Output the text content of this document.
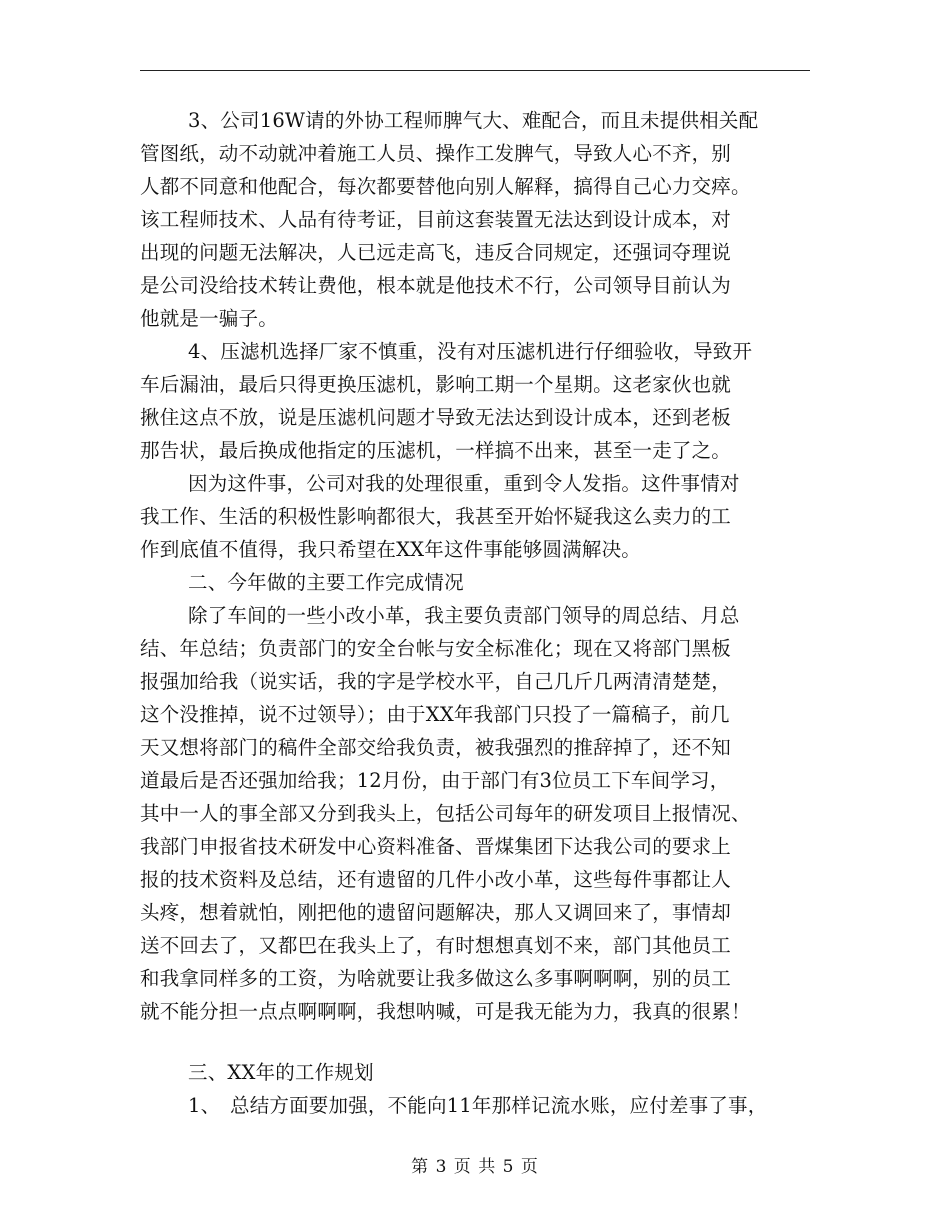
3、公司16W请的外协工程师脾气大、难配合，而且未提供相关配
管图纸，动不动就冲着施工人员、操作工发脾气，导致人心不齐，别
人都不同意和他配合，每次都要替他向别人解释，搞得自己心力交瘁。
该工程师技术、人品有待考证，目前这套装置无法达到设计成本，对
出现的问题无法解决，人已远走高飞，违反合同规定，还强词夺理说
是公司没给技术转让费他，根本就是他技术不行，公司领导目前认为
他就是一骗子。
4、压滤机选择厂家不慎重，没有对压滤机进行仔细验收，导致开
车后漏油，最后只得更换压滤机，影响工期一个星期。这老家伙也就
揪住这点不放，说是压滤机问题才导致无法达到设计成本，还到老板
那告状，最后换成他指定的压滤机，一样搞不出来，甚至一走了之。
因为这件事，公司对我的处理很重，重到令人发指。这件事情对
我工作、生活的积极性影响都很大，我甚至开始怀疑我这么卖力的工
作到底值不值得，我只希望在XX年这件事能够圆满解决。
二、今年做的主要工作完成情况
除了车间的一些小改小革，我主要负责部门领导的周总结、月总
结、年总结；负责部门的安全台帐与安全标准化；现在又将部门黑板
报强加给我（说实话，我的字是学校水平，自己几斤几两清清楚楚，
这个没推掉，说不过领导）；由于XX年我部门只投了一篇稿子，前几
天又想将部门的稿件全部交给我负责，被我强烈的推辞掉了，还不知
道最后是否还强加给我；12月份，由于部门有3位员工下车间学习，
其中一人的事全部又分到我头上，包括公司每年的研发项目上报情况、
我部门申报省技术研发中心资料准备、晋煤集团下达我公司的要求上
报的技术资料及总结，还有遗留的几件小改小革，这些每件事都让人
头疼，想着就怕，刚把他的遗留问题解决，那人又调回来了，事情却
送不回去了，又都巴在我头上了，有时想想真划不来，部门其他员工
和我拿同样多的工资，为啥就要让我多做这么多事啊啊啊，别的员工
就不能分担一点点啊啊啊，我想呐喊，可是我无能为力，我真的很累！
三、XX年的工作规划
1、 总结方面要加强，不能向11年那样记流水账，应付差事了事，
第 3 页 共 5 页
